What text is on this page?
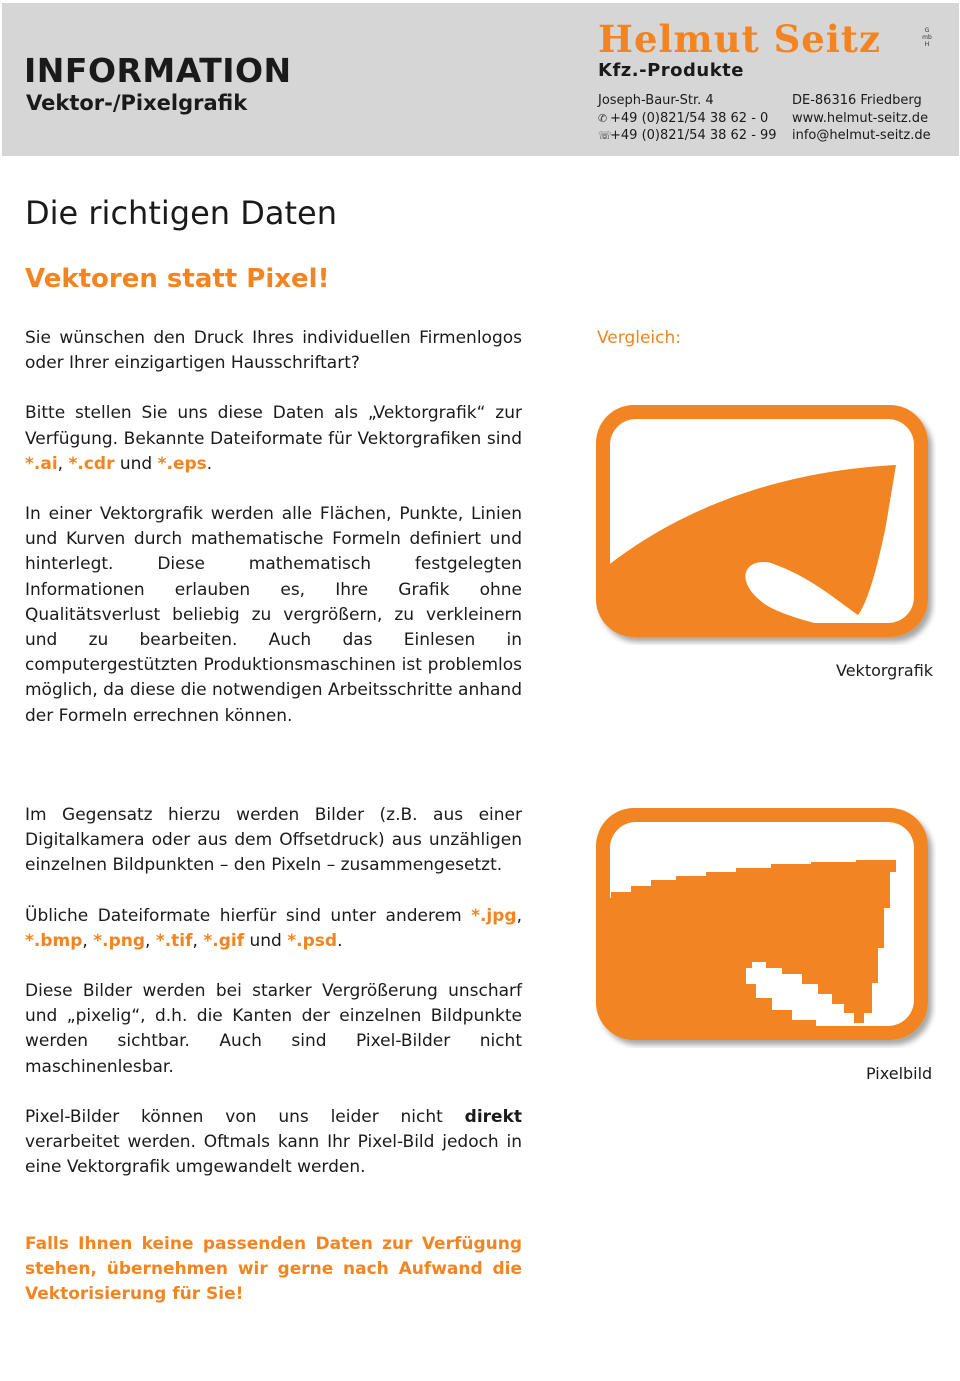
INFORMATION
Vektor-/Pixelgrafik
Helmut Seitz	GmbH
Kfz.-Produkte
Joseph-Baur-Str. 4
✆ +49 (0)821/54 38 62 - 0
☏+49 (0)821/54 38 62 - 99
DE-86316 Friedberg
www.helmut-seitz.de
info@helmut-seitz.de
Die richtigen Daten
Vektoren statt Pixel!

Sie wünschen den Druck Ihres individuellen Firmenlogos oder Ihrer einzigartigen Hausschriftart?

Bitte stellen Sie uns diese Daten als „Vektorgrafik“ zur Verfügung. Bekannte Dateiformate für Vektorgrafiken sind *.ai, *.cdr und *.eps.

In einer Vektorgrafik werden alle Flächen, Punkte, Linien und Kurven durch mathematische Formeln definiert und hinterlegt. Diese mathematisch festgelegten Informationen erlauben es, Ihre Grafik ohne Qualitätsverlust beliebig zu vergrößern, zu verkleinern und zu bearbeiten. Auch das Einlesen in computergestützten Produktionsmaschinen ist problemlos möglich, da diese die notwendigen Arbeitsschritte anhand der Formeln errechnen können.

Im Gegensatz hierzu werden Bilder (z.B. aus einer Digitalkamera oder aus dem Offsetdruck) aus unzähligen einzelnen Bildpunkten – den Pixeln – zusammengesetzt.

Übliche Dateiformate hierfür sind unter anderem *.jpg, *.bmp, *.png, *.tif, *.gif und *.psd.

Diese Bilder werden bei starker Vergrößerung unscharf und „pixelig“, d.h. die Kanten der einzelnen Bildpunkte werden sichtbar. Auch sind Pixel-Bilder nicht maschinenlesbar.

Pixel-Bilder können von uns leider nicht direkt verarbeitet werden. Oftmals kann Ihr Pixel-Bild jedoch in eine Vektorgrafik umgewandelt werden.

Falls Ihnen keine passenden Daten zur Verfügung stehen, übernehmen wir gerne nach Aufwand die Vektorisierung für Sie!
Vergleich:
Vektorgrafik
Pixelbild
